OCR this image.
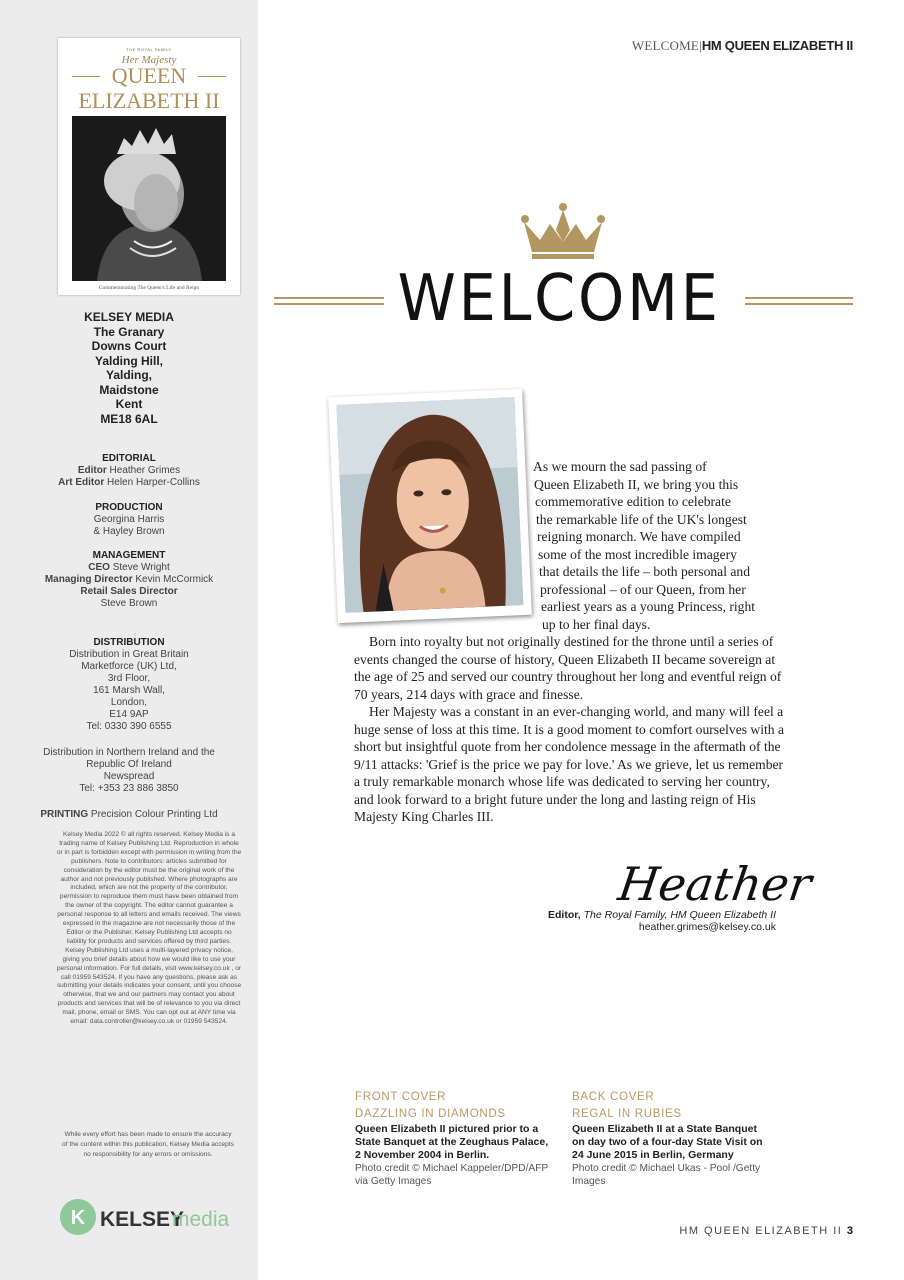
THE ROYAL FAMILY
Her Majesty
QUEEN
ELIZABETH II
Commemorating The Queen's Life and Reign
KELSEY MEDIA
The Granary
Downs Court
Yalding Hill,
Yalding,
Maidstone
Kent
ME18 6AL
EDITORIAL
Editor Heather Grimes
Art Editor Helen Harper-Collins
PRODUCTION
Georgina Harris
& Hayley Brown
MANAGEMENT
CEO Steve Wright
Managing Director Kevin McCormick
Retail Sales Director
Steve Brown
DISTRIBUTION
Distribution in Great Britain
Marketforce (UK) Ltd,
3rd Floor,
161 Marsh Wall,
London,
E14 9AP
Tel: 0330 390 6555
Distribution in Northern Ireland and the
Republic Of Ireland
Newspread
Tel: +353 23 886 3850
PRINTING Precision Colour Printing Ltd
Kelsey Media 2022 © all rights reserved. Kelsey Media is a trading name of Kelsey Publishing Ltd. Reproduction in whole or in part is forbidden except with permission in writing from the publishers. Note to contributors: articles submitted for consideration by the editor must be the original work of the author and not previously published. Where photographs are included, which are not the property of the contributor, permission to reproduce them must have been obtained from the owner of the copyright. The editor cannot guarantee a personal response to all letters and emails received. The views expressed in the magazine are not necessarily those of the Editor or the Publisher. Kelsey Publishing Ltd accepts no liability for products and services offered by third parties. Kelsey Publishing Ltd uses a multi-layered privacy notice, giving you brief details about how we would like to use your personal information. For full details, visit www.kelsey.co.uk , or call 01959 543524. If you have any questions, please ask as submitting your details indicates your consent, until you choose otherwise, that we and our partners may contact you about products and services that will be of relevance to you via direct mail, phone, email or SMS. You can opt out at ANY time via email: data.controller@kelsey.co.uk or 01959 543524.
While every effort has been made to ensure the accuracy of the content within this publication, Kelsey Media accepts no responsibility for any errors or omissions.
K KELSEY
media
WELCOME|HM QUEEN ELIZABETH II
WELCOME
As we mourn the sad passing of
Queen Elizabeth II, we bring you this
commemorative edition to celebrate
the remarkable life of the UK's longest
reigning monarch. We have compiled
some of the most incredible imagery
that details the life – both personal and
professional – of our Queen, from her
earliest years as a young Princess, right
up to her final days.
Born into royalty but not originally destined for the throne until a series of events changed the course of history, Queen Elizabeth II became sovereign at the age of 25 and served our country throughout her long and eventful reign of 70 years, 214 days with grace and finesse.
Her Majesty was a constant in an ever-changing world, and many will feel a huge sense of loss at this time. It is a good moment to comfort ourselves with a short but insightful quote from her condolence message in the aftermath of the 9/11 attacks: 'Grief is the price we pay for love.' As we grieve, let us remember a truly remarkable monarch whose life was dedicated to serving her country, and look forward to a bright future under the long and lasting reign of His Majesty King Charles III.
Heather
Editor, The Royal Family, HM Queen Elizabeth II
heather.grimes@kelsey.co.uk
FRONT COVER
DAZZLING IN DIAMONDS
Queen Elizabeth II pictured prior to a State Banquet at the Zeughaus Palace, 2 November 2004 in Berlin.
Photo credit © Michael Kappeler/DPD/AFP via Getty Images
BACK COVER
REGAL IN RUBIES
Queen Elizabeth II at a State Banquet on day two of a four-day State Visit on 24 June 2015 in Berlin, Germany
Photo credit © Michael Ukas - Pool /Getty Images
HM QUEEN ELIZABETH II 3
